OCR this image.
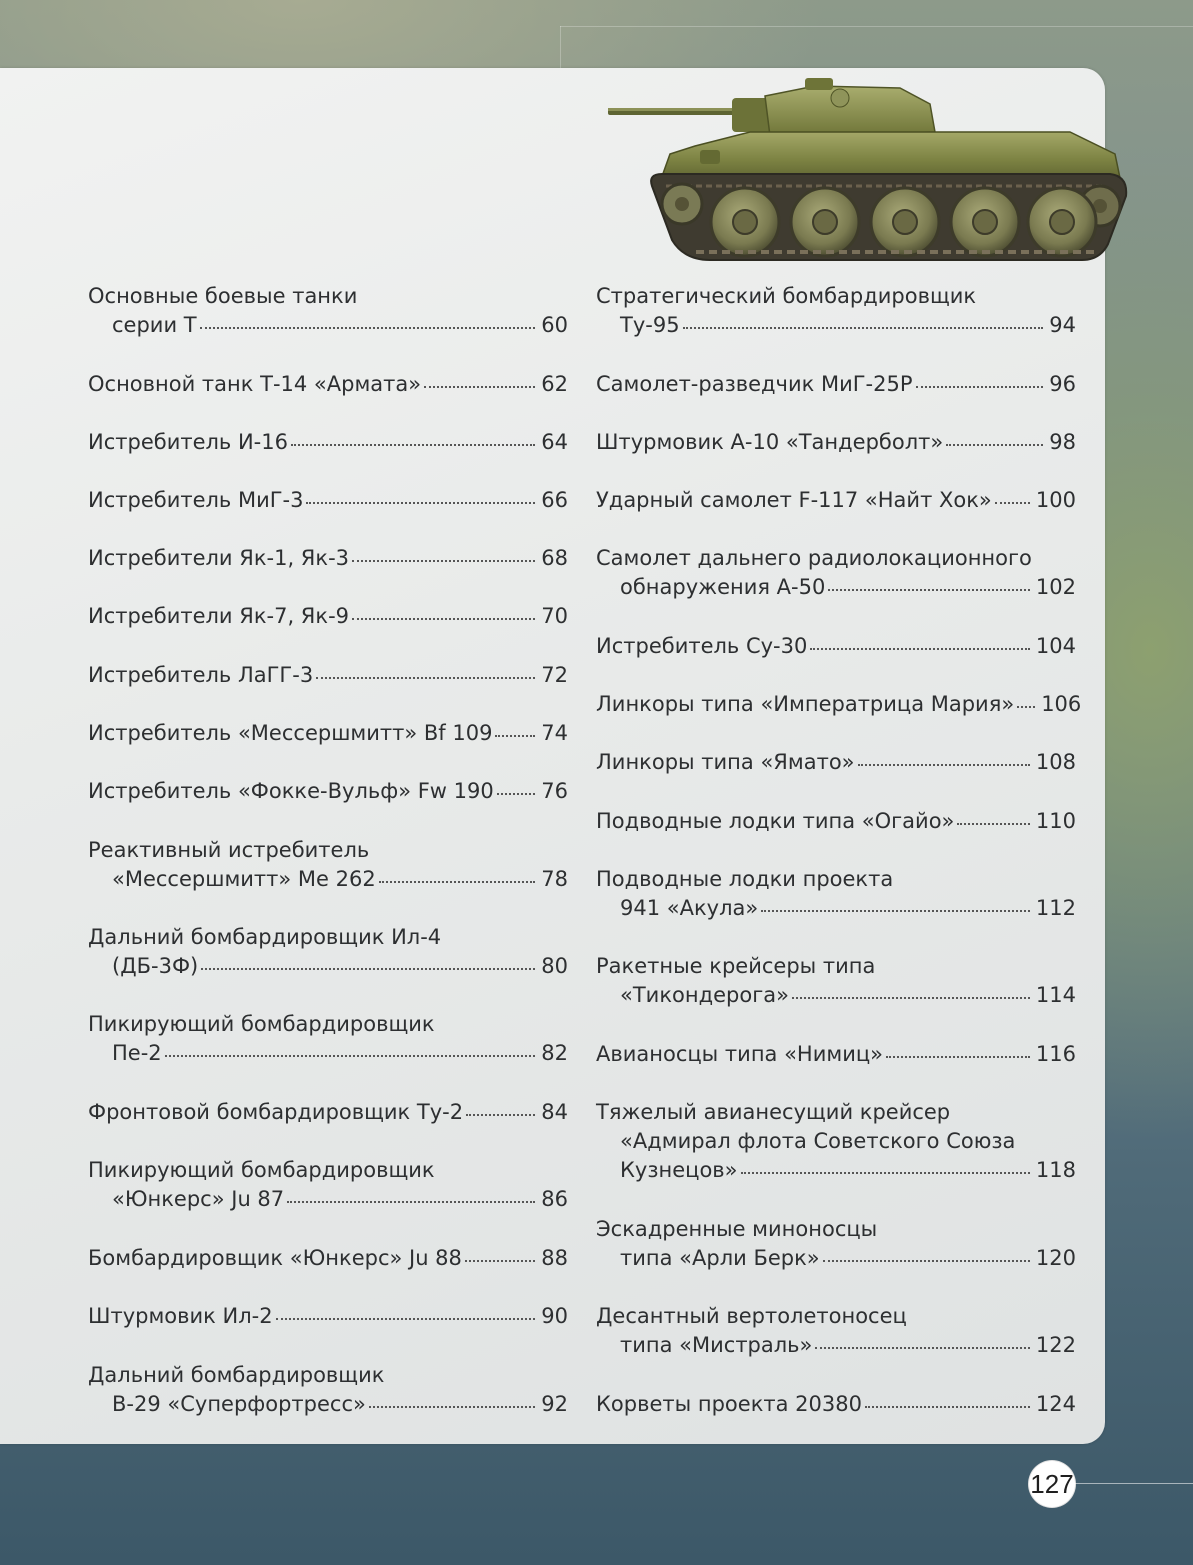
Основные боевые танки
серии Т	60
Основной танк Т-14 «Армата»	62
Истребитель И-16	64
Истребитель МиГ-3	66
Истребители Як-1, Як-3	68
Истребители Як-7, Як-9	70
Истребитель ЛаГГ-3	72
Истребитель «Мессершмитт» Bf 109 74
Истребитель «Фокке-Вульф» Fw 190 76
Реактивный истребитель
«Мессершмитт» Me 262	78
Дальний бомбардировщик Ил-4
(ДБ-3Ф)	80
Пикирующий бомбардировщик
Пе-2	82
Фронтовой бомбардировщик Ту-2	84
Пикирующий бомбардировщик
«Юнкерс» Ju 87	86
Бомбардировщик «Юнкерс» Ju 88	88
Штурмовик Ил-2	90
Дальний бомбардировщик
B-29 «Суперфортресс»	92
Стратегический бомбардировщик
Ту-95	94
Самолет-разведчик МиГ-25Р	96
Штурмовик А-10 «Тандерболт»	98
Ударный самолет F-117 «Найт Хок» 100
Самолет дальнего радиолокационного
обнаружения А-50	102
Истребитель Су-30	104
Линкоры типа «Императрица Мария» 106
Линкоры типа «Ямато»	108
Подводные лодки типа «Огайо»	110
Подводные лодки проекта
941 «Акула»	112
Ракетные крейсеры типа
«Тикондерога»	114
Авианосцы типа «Нимиц»	116
Тяжелый авианесущий крейсер
«Адмирал флота Советского Союза
Кузнецов»	118
Эскадренные миноносцы
типа «Арли Берк»	120
Десантный вертолетоносец
типа «Мистраль»	122
Корветы проекта 20380	124
127
